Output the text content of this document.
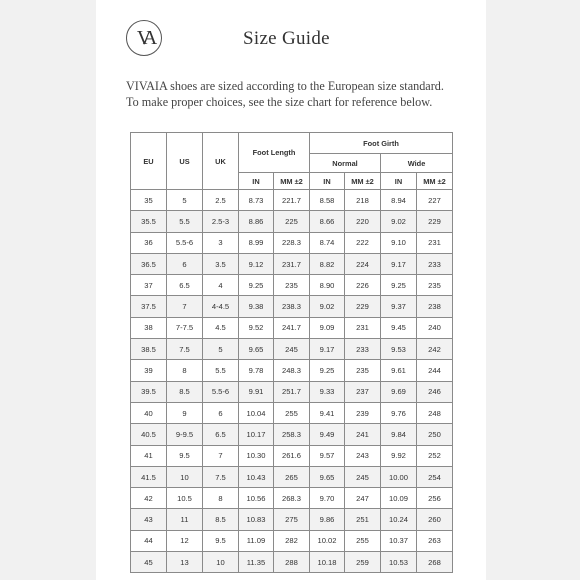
VA	Size Guide
VIVAIA shoes are sized according to the European size standard.
To make proper choices, see the size chart for reference below.
EU	US	UK	Foot Length		Foot Girth			
					Normal		Wide	
			IN	MM ±2	IN	MM ±2	IN	MM ±2
35	5	2.5	8.73	221.7	8.58	218	8.94	227
35.5	5.5	2.5-3	8.86	225	8.66	220	9.02	229
36	5.5-6	3	8.99	228.3	8.74	222	9.10	231
36.5	6	3.5	9.12	231.7	8.82	224	9.17	233
37	6.5	4	9.25	235	8.90	226	9.25	235
37.5	7	4-4.5	9.38	238.3	9.02	229	9.37	238
38	7-7.5	4.5	9.52	241.7	9.09	231	9.45	240
38.5	7.5	5	9.65	245	9.17	233	9.53	242
39	8	5.5	9.78	248.3	9.25	235	9.61	244
39.5	8.5	5.5-6	9.91	251.7	9.33	237	9.69	246
40	9	6	10.04	255	9.41	239	9.76	248
40.5	9-9.5	6.5	10.17	258.3	9.49	241	9.84	250
41	9.5	7	10.30	261.6	9.57	243	9.92	252
41.5	10	7.5	10.43	265	9.65	245	10.00	254
42	10.5	8	10.56	268.3	9.70	247	10.09	256
43	11	8.5	10.83	275	9.86	251	10.24	260
44	12	9.5	11.09	282	10.02	255	10.37	263
45	13	10	11.35	288	10.18	259	10.53	268
